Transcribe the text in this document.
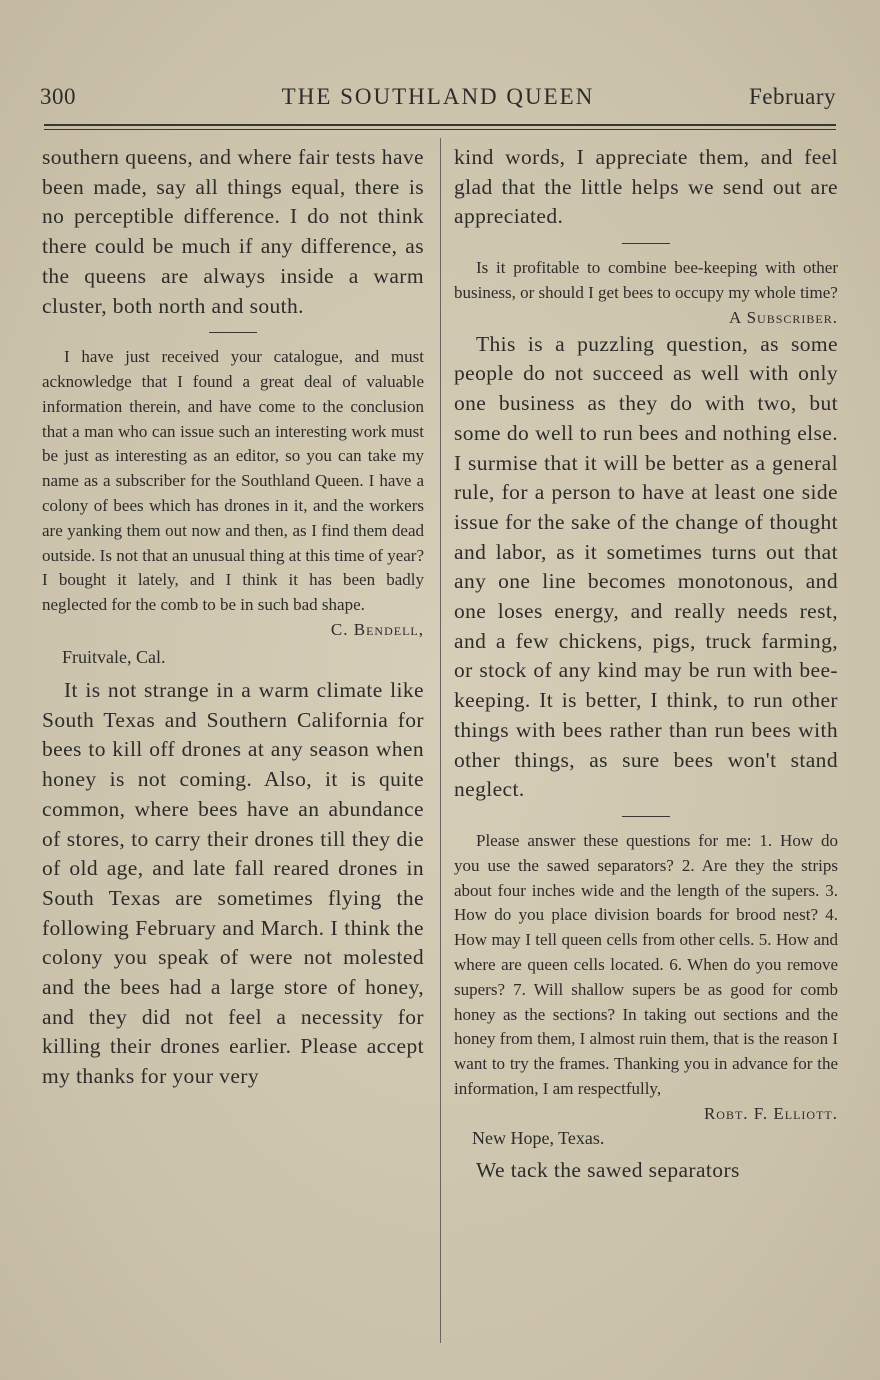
300	THE SOUTHLAND QUEEN	February

southern queens, and where fair tests have been made, say all things equal, there is no perceptible difference. I do not think there could be much if any difference, as the queens are always inside a warm cluster, both north and south.

I have just received your catalogue, and must acknowledge that I found a great deal of valuable information therein, and have come to the conclusion that a man who can issue such an interesting work must be just as interesting as an editor, so you can take my name as a subscriber for the Southland Queen. I have a colony of bees which has drones in it, and the workers are yanking them out now and then, as I find them dead outside. Is not that an unusual thing at this time of year? I bought it lately, and I think it has been badly neglected for the comb to be in such bad shape.

C. Bendell,
Fruitvale, Cal.

It is not strange in a warm climate like South Texas and Southern California for bees to kill off drones at any season when honey is not coming. Also, it is quite common, where bees have an abundance of stores, to carry their drones till they die of old age, and late fall reared drones in South Texas are sometimes flying the following February and March. I think the colony you speak of were not molested and the bees had a large store of honey, and they did not feel a necessity for killing their drones earlier. Please accept my thanks for your very

kind words, I appreciate them, and feel glad that the little helps we send out are appreciated.

Is it profitable to combine bee-keeping with other business, or should I get bees to occupy my whole time?

A Subscriber.

This is a puzzling question, as some people do not succeed as well with only one business as they do with two, but some do well to run bees and nothing else. I surmise that it will be better as a general rule, for a person to have at least one side issue for the sake of the change of thought and labor, as it sometimes turns out that any one line becomes monotonous, and one loses energy, and really needs rest, and a few chickens, pigs, truck farming, or stock of any kind may be run with bee-keeping. It is better, I think, to run other things with bees rather than run bees with other things, as sure bees won't stand neglect.

Please answer these questions for me: 1. How do you use the sawed separators? 2. Are they the strips about four inches wide and the length of the supers. 3. How do you place division boards for brood nest? 4. How may I tell queen cells from other cells. 5. How and where are queen cells located. 6. When do you remove supers? 7. Will shallow supers be as good for comb honey as the sections? In taking out sections and the honey from them, I almost ruin them, that is the reason I want to try the frames. Thanking you in advance for the information, I am respectfully,

Robt. F. Elliott.
New Hope, Texas.

We tack the sawed separators
